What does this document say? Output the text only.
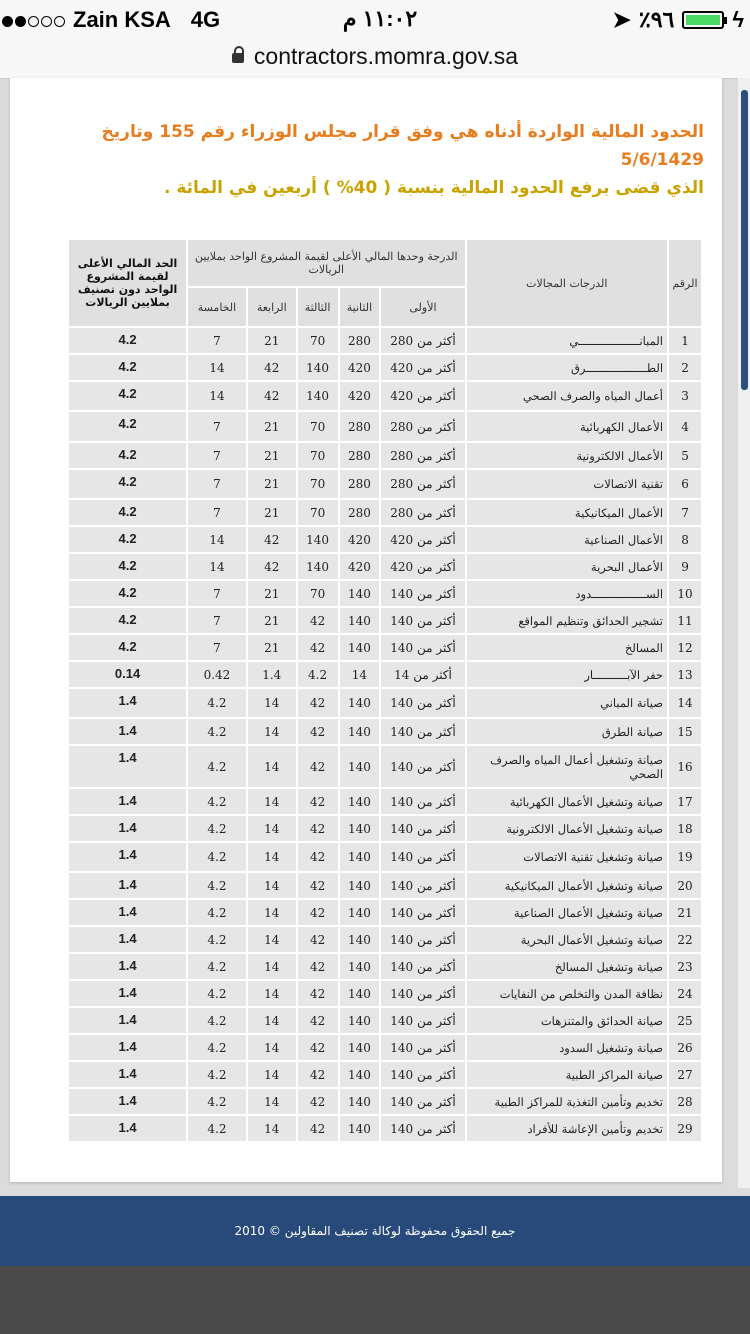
Zain KSA 4G	١١:٠٢ م	➤ ٪٩٦	ϟ
contractors.momra.gov.sa
الحدود المالية الواردة أدناه هي وفق قرار مجلس الوزراء رقم 155 وتاريخ
5/6/1429
الذي قضى برفع الحدود المالية بنسبة ( 40% ) أربعين في المائة .
الرقم	الدرجات المجالات	الدرجة وحدها المالي الأعلى لقيمة المشروع الواحد بملايين الريالات					الحد المالي الأعلى لقيمة المشروع الواحد دون تصنيف بملايين الريالات
		الأولى	الثانية	الثالثة	الرابعة	الخامسة	
1	المبانــــــــــــــــــي	أكثر من 280	280	70	21	7	4.2
2	الطــــــــــــــــــرق	أكثر من 420	420	140	42	14	4.2
3	أعمال المياه والصرف الصحي	أكثر من 420	420	140	42	14	4.2
4	الأعمال الكهربائية	أكثر من 280	280	70	21	7	4.2
5	الأعمال الالكترونية	أكثر من 280	280	70	21	7	4.2
6	تقنية الاتصالات	أكثر من 280	280	70	21	7	4.2
7	الأعمال الميكانيكية	أكثر من 280	280	70	21	7	4.2
8	الأعمال الصناعية	أكثر من 420	420	140	42	14	4.2
9	الأعمال البحرية	أكثر من 420	420	140	42	14	4.2
10	الســــــــــــــــدود	أكثر من 140	140	70	21	7	4.2
11	تشجير الحدائق وتنظيم المواقع	أكثر من 140	140	42	21	7	4.2
12	المسالخ	أكثر من 140	140	42	21	7	4.2
13	حفر الآبــــــــــار	أكثر من 14	14	4.2	1.4	0.42	0.14
14	صيانة المباني	أكثر من 140	140	42	14	4.2	1.4
15	صيانة الطرق	أكثر من 140	140	42	14	4.2	1.4
16	صيانة وتشغيل أعمال المياه والصرف الصحي	أكثر من 140	140	42	14	4.2	1.4
17	صيانة وتشغيل الأعمال الكهربائية	أكثر من 140	140	42	14	4.2	1.4
18	صيانة وتشغيل الأعمال الالكترونية	أكثر من 140	140	42	14	4.2	1.4
19	صيانة وتشغيل تقنية الاتصالات	أكثر من 140	140	42	14	4.2	1.4
20	صيانة وتشغيل الأعمال الميكانيكية	أكثر من 140	140	42	14	4.2	1.4
21	صيانة وتشغيل الأعمال الصناعية	أكثر من 140	140	42	14	4.2	1.4
22	صيانة وتشغيل الأعمال البحرية	أكثر من 140	140	42	14	4.2	1.4
23	صيانة وتشغيل المسالخ	أكثر من 140	140	42	14	4.2	1.4
24	نظافة المدن والتخلص من النفايات	أكثر من 140	140	42	14	4.2	1.4
25	صيانة الحدائق والمتنزهات	أكثر من 140	140	42	14	4.2	1.4
26	صيانة وتشغيل السدود	أكثر من 140	140	42	14	4.2	1.4
27	صيانة المراكز الطبية	أكثر من 140	140	42	14	4.2	1.4
28	تخديم وتأمين التغذية للمراكز الطبية	أكثر من 140	140	42	14	4.2	1.4
29	تخديم وتأمين الإعاشة للأفراد	أكثر من 140	140	42	14	4.2	1.4
جميع الحقوق محفوظة لوكالة تصنيف المقاولين © 2010
